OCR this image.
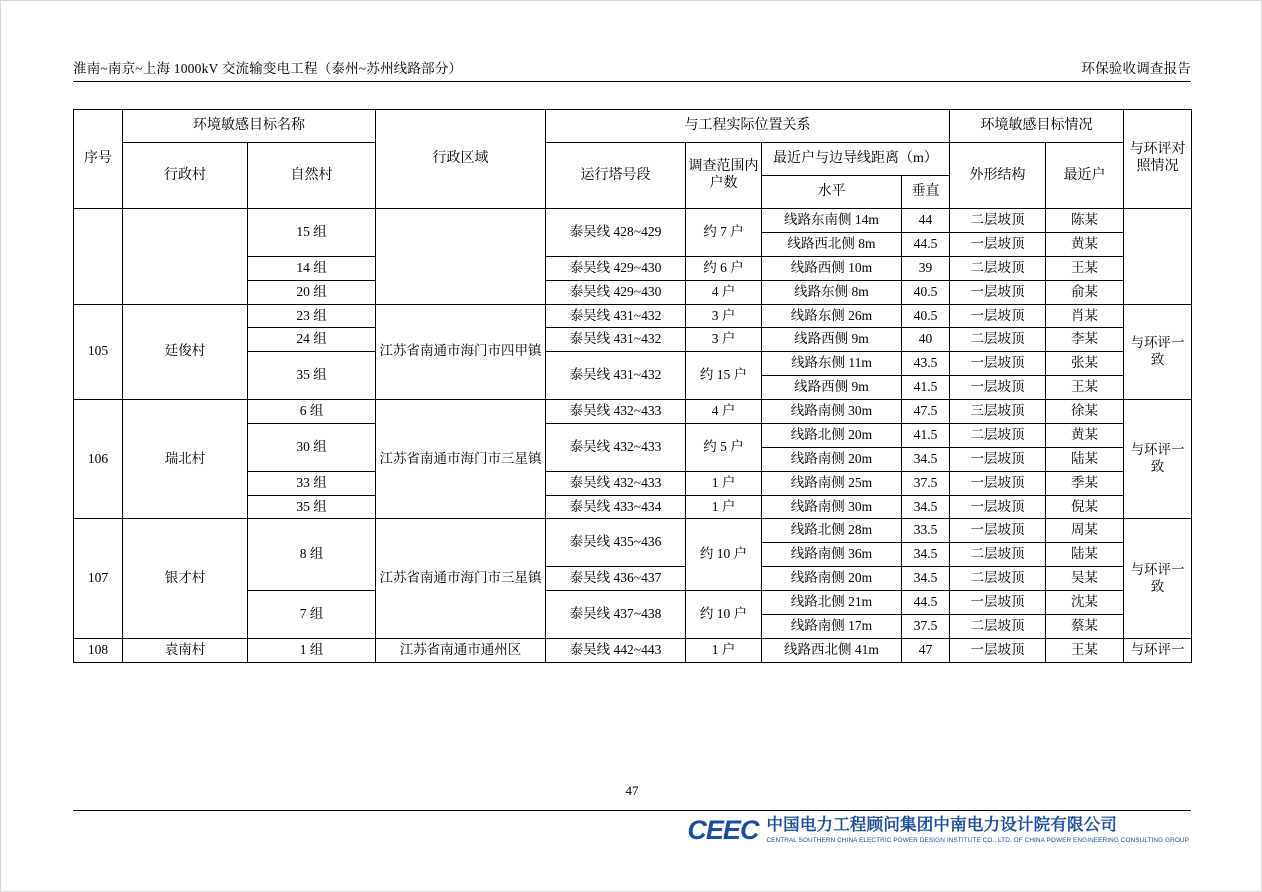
淮南~南京~上海 1000kV 交流输变电工程（泰州~苏州线路部分）	环保验收调查报告
序号	环境敏感目标名称		行政区域	与工程实际位置关系				环境敏感目标情况		与环评对照情况

	行政村	自然村		运行塔号段	调查范围内户数	最近户与边导线距离（m）		外形结构	最近户	

						水平	垂直			
		15 组		泰吴线 428~429	约 7 户	线路东南侧 14m	44	二层坡顶	陈某	
						线路西北侧 8m	44.5	一层坡顶	黄某	
		14 组		泰吴线 429~430	约 6 户	线路西侧 10m	39	二层坡顶	王某	
		20 组		泰吴线 429~430	4 户	线路东侧 8m	40.5	一层坡顶	俞某	
105	廷俊村	23 组	江苏省南通市海门市四甲镇	泰吴线 431~432	3 户	线路东侧 26m	40.5	一层坡顶	肖某	与环评一致
		24 组		泰吴线 431~432	3 户	线路西侧 9m	40	二层坡顶	李某	
		35 组		泰吴线 431~432	约 15 户	线路东侧 11m	43.5	一层坡顶	张某	
						线路西侧 9m	41.5	一层坡顶	王某	
106	瑞北村	6 组	江苏省南通市海门市三星镇	泰吴线 432~433	4 户	线路南侧 30m	47.5	三层坡顶	徐某	与环评一致
		30 组		泰吴线 432~433	约 5 户	线路北侧 20m	41.5	二层坡顶	黄某	
						线路南侧 20m	34.5	一层坡顶	陆某	
		33 组		泰吴线 432~433	1 户	线路南侧 25m	37.5	一层坡顶	季某	
		35 组		泰吴线 433~434	1 户	线路南侧 30m	34.5	一层坡顶	倪某	
107	银才村	8 组	江苏省南通市海门市三星镇	泰吴线 435~436	约 10 户	线路北侧 28m	33.5	一层坡顶	周某	与环评一致
						线路南侧 36m	34.5	二层坡顶	陆某	
				泰吴线 436~437		线路南侧 20m	34.5	二层坡顶	吴某	
		7 组		泰吴线 437~438	约 10 户	线路北侧 21m	44.5	一层坡顶	沈某	
						线路南侧 17m	37.5	二层坡顶	蔡某	
108	袁南村	1 组	江苏省南通市通州区	泰吴线 442~443	1 户	线路西北侧 41m	47	一层坡顶	王某	与环评一
47
CEEC 中国电力工程顾问集团中南电力设计院有限公司
CENTRAL SOUTHERN CHINA ELECTRIC POWER DESIGN INSTITUTE CO., LTD. OF CHINA POWER ENGINEERING CONSULTING GROUP
